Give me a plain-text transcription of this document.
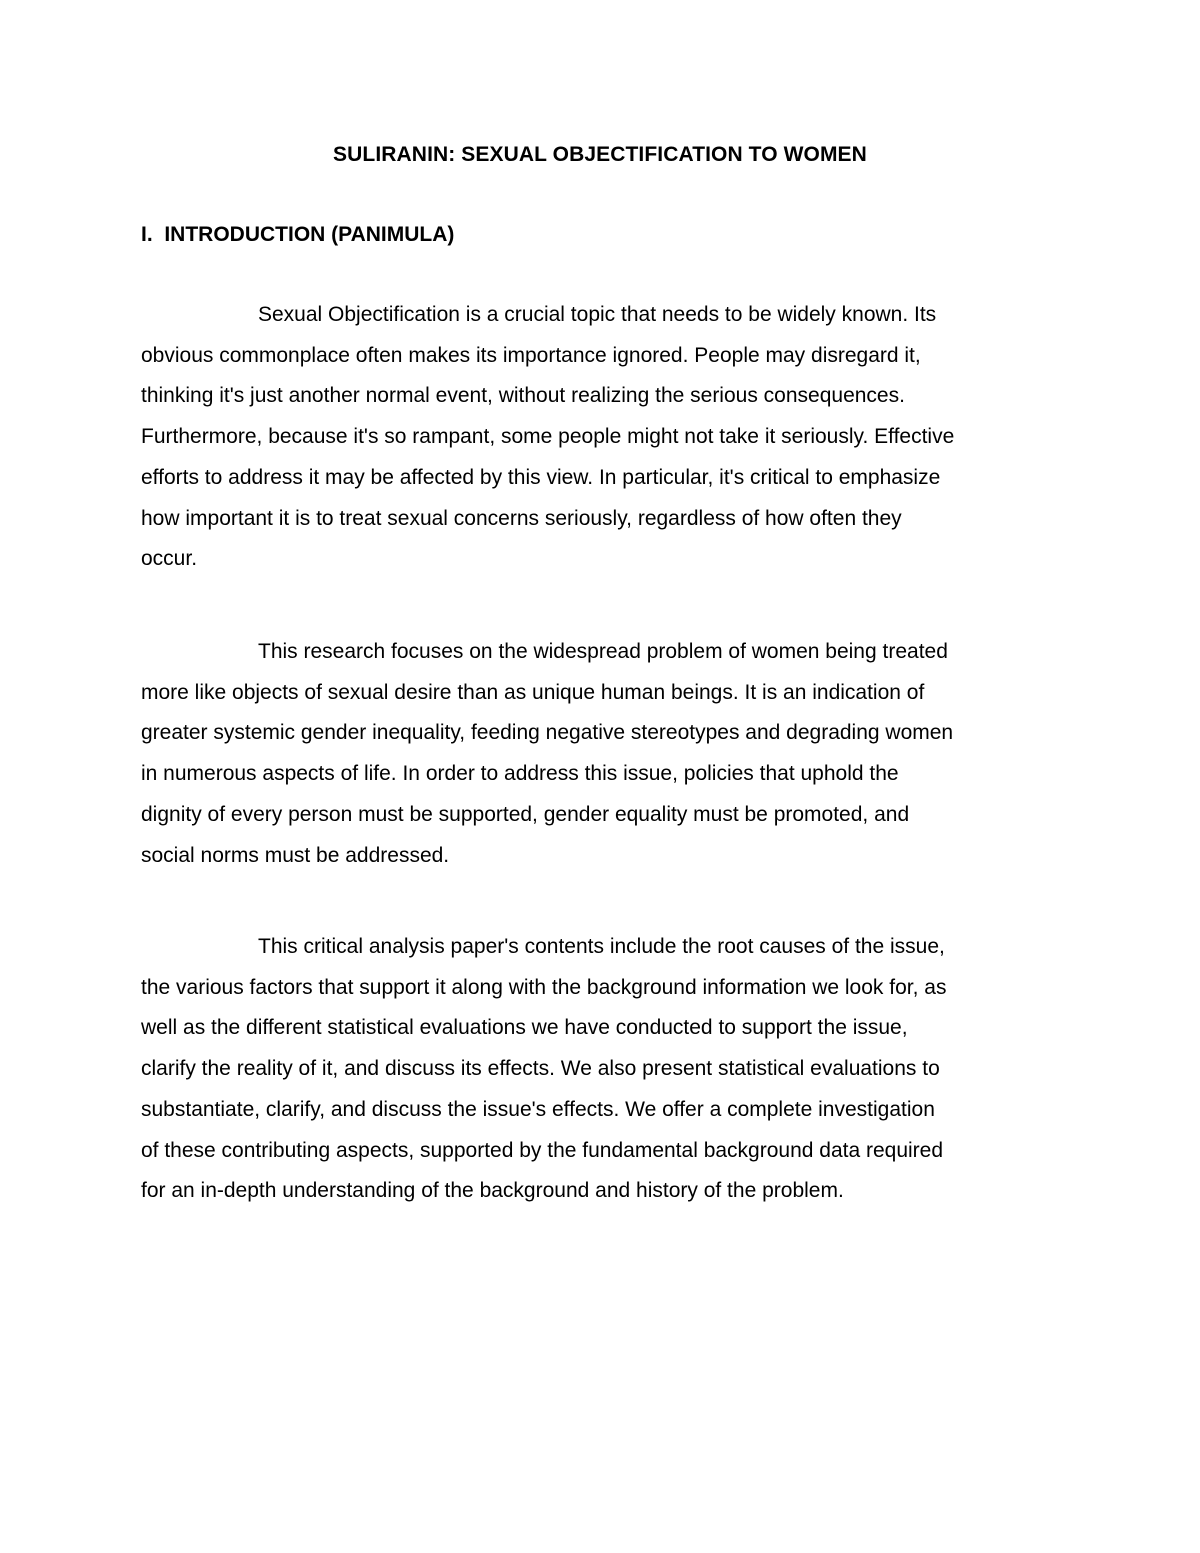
SULIRANIN: SEXUAL OBJECTIFICATION TO WOMEN
I.  INTRODUCTION (PANIMULA)

Sexual Objectification is a crucial topic that needs to be widely known. Its
obvious commonplace often makes its importance ignored. People may disregard it,
thinking it's just another normal event, without realizing the serious consequences.
Furthermore, because it's so rampant, some people might not take it seriously. Effective
efforts to address it may be affected by this view. In particular, it's critical to emphasize
how important it is to treat sexual concerns seriously, regardless of how often they
occur.

This research focuses on the widespread problem of women being treated
more like objects of sexual desire than as unique human beings. It is an indication of
greater systemic gender inequality, feeding negative stereotypes and degrading women
in numerous aspects of life. In order to address this issue, policies that uphold the
dignity of every person must be supported, gender equality must be promoted, and
social norms must be addressed.

This critical analysis paper's contents include the root causes of the issue,
the various factors that support it along with the background information we look for, as
well as the different statistical evaluations we have conducted to support the issue,
clarify the reality of it, and discuss its effects. We also present statistical evaluations to
substantiate, clarify, and discuss the issue's effects. We offer a complete investigation
of these contributing aspects, supported by the fundamental background data required
for an in-depth understanding of the background and history of the problem.
